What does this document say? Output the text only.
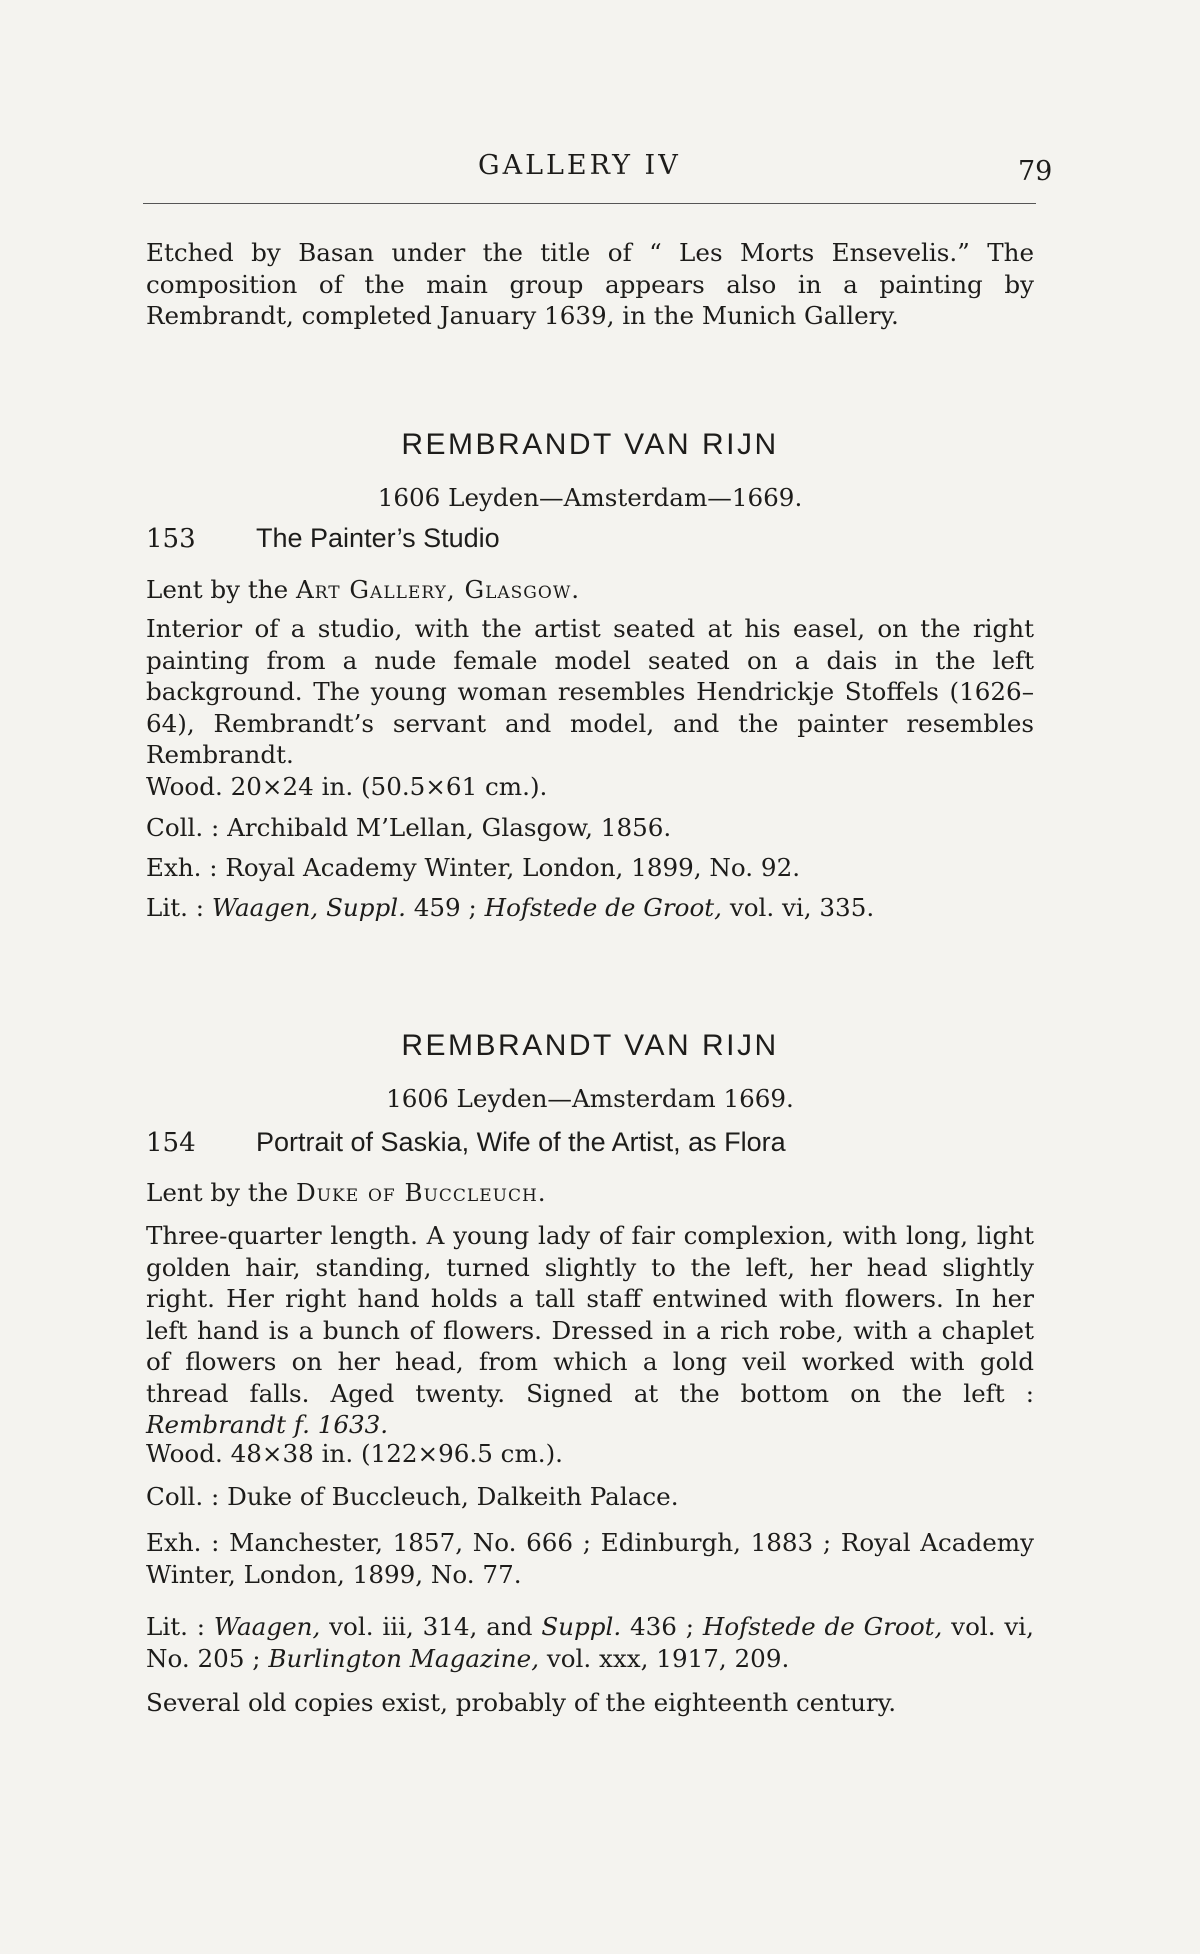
GALLERY IV	79
Etched by Basan under the title of “ Les Morts Ensevelis.” The composition of the main group appears also in a painting by Rembrandt, completed January 1639, in the Munich Gallery.
REMBRANDT VAN RIJN
1606 Leyden—Amsterdam—1669.
153 The Painter’s Studio
Lent by the Art Gallery, Glasgow.
Interior of a studio, with the artist seated at his easel, on the right painting from a nude female model seated on a dais in the left background. The young woman resembles Hendrickje Stoffels (1626–64), Rembrandt’s servant and model, and the painter resembles Rembrandt.
Wood. 20×24 in. (50.5×61 cm.).
Coll. : Archibald M’Lellan, Glasgow, 1856.
Exh. : Royal Academy Winter, London, 1899, No. 92.
Lit. : Waagen, Suppl. 459 ; Hofstede de Groot, vol. vi, 335.
REMBRANDT VAN RIJN
1606 Leyden—Amsterdam 1669.
154 Portrait of Saskia, Wife of the Artist, as Flora
Lent by the Duke of Buccleuch.
Three-quarter length. A young lady of fair complexion, with long, light golden hair, standing, turned slightly to the left, her head slightly right. Her right hand holds a tall staff entwined with flowers. In her left hand is a bunch of flowers. Dressed in a rich robe, with a chaplet of flowers on her head, from which a long veil worked with gold thread falls. Aged twenty. Signed at the bottom on the left : Rembrandt f. 1633.
Wood. 48×38 in. (122×96.5 cm.).
Coll. : Duke of Buccleuch, Dalkeith Palace.
Exh. : Manchester, 1857, No. 666 ; Edinburgh, 1883 ; Royal Academy Winter, London, 1899, No. 77.
Lit. : Waagen, vol. iii, 314, and Suppl. 436 ; Hofstede de Groot, vol. vi, No. 205 ; Burlington Magazine, vol. xxx, 1917, 209.
Several old copies exist, probably of the eighteenth century.
